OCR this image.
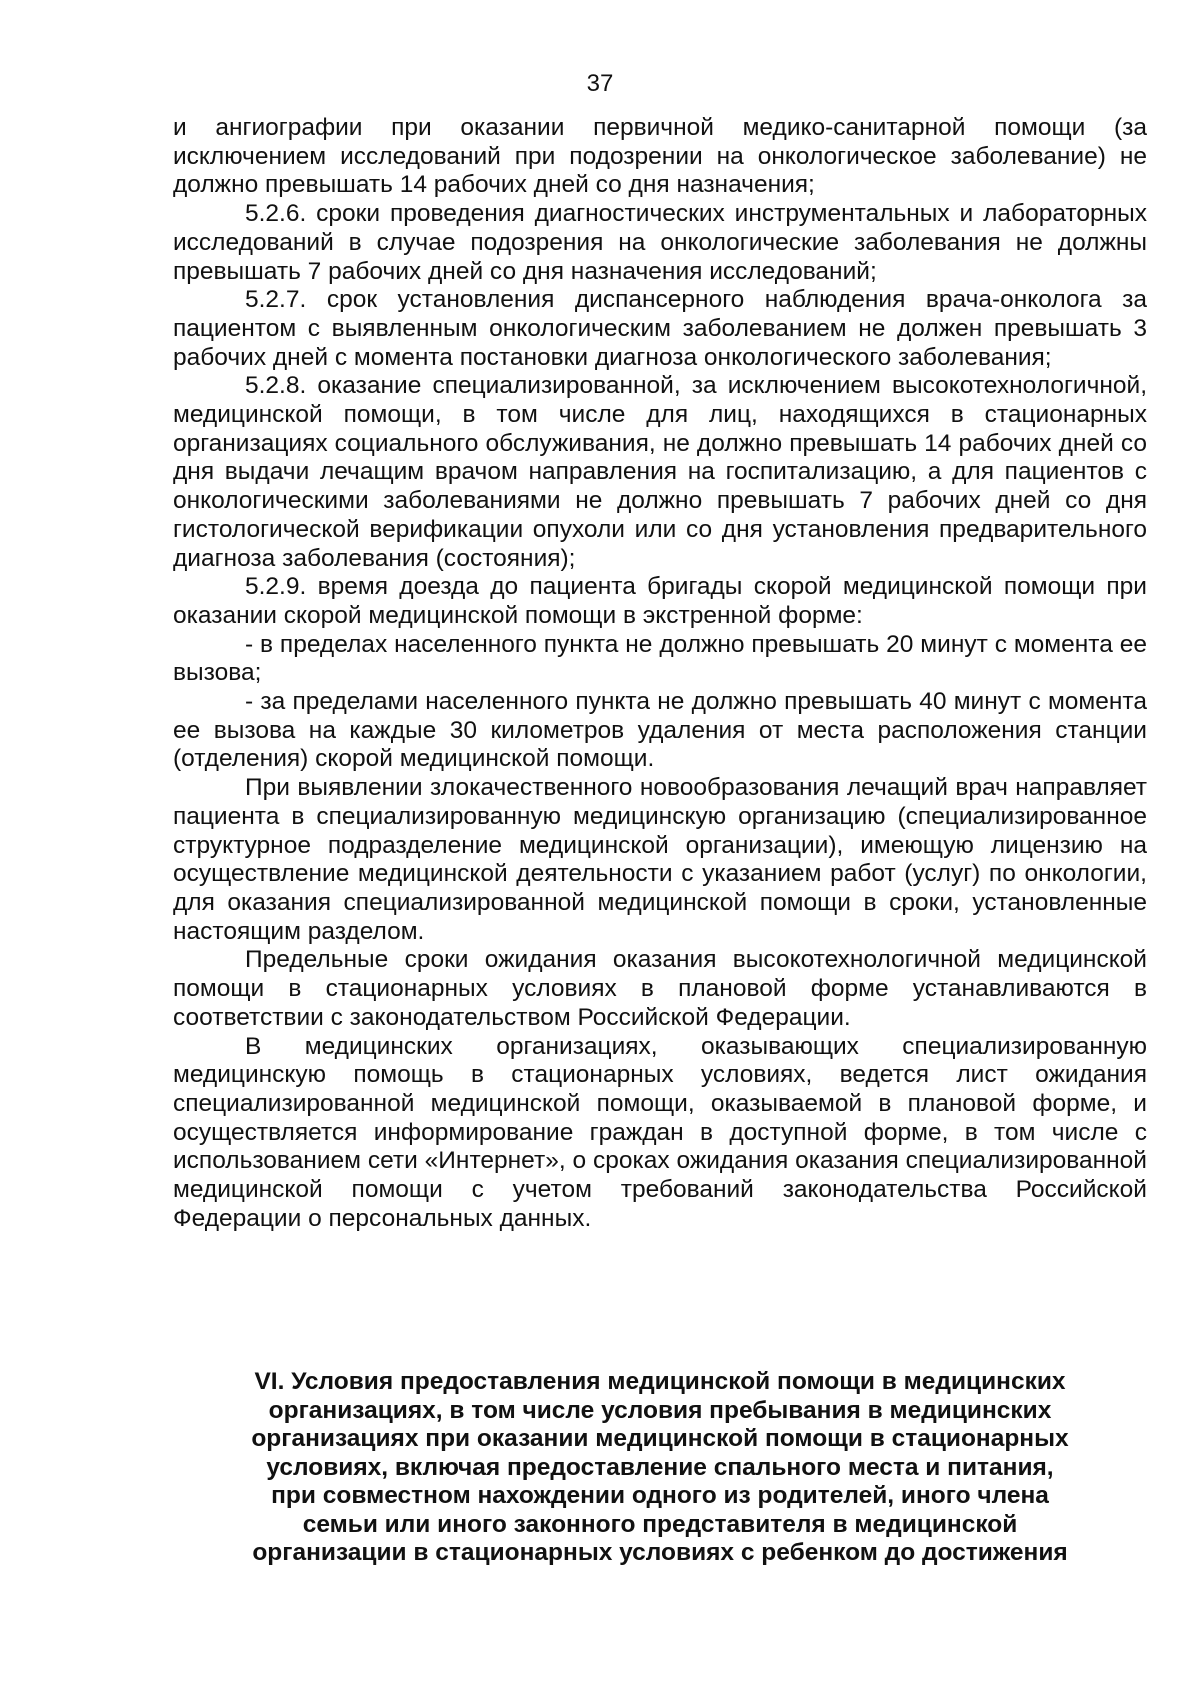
37

и ангиографии при оказании первичной медико-санитарной помощи (за исключением исследований при подозрении на онкологическое заболевание) не должно превышать 14 рабочих дней со дня назначения;

5.2.6. сроки проведения диагностических инструментальных и лабораторных исследований в случае подозрения на онкологические заболевания не должны превышать 7 рабочих дней со дня назначения исследований;

5.2.7. срок установления диспансерного наблюдения врача-онколога за пациентом с выявленным онкологическим заболеванием не должен превышать 3 рабочих дней с момента постановки диагноза онкологического заболевания;

5.2.8. оказание специализированной, за исключением высокотехнологичной, медицинской помощи, в том числе для лиц, находящихся в стационарных организациях социального обслуживания, не должно превышать 14 рабочих дней со дня выдачи лечащим врачом направления на госпитализацию, а для пациентов с онкологическими заболеваниями не должно превышать 7 рабочих дней со дня гистологической верификации опухоли или со дня установления предварительного диагноза заболевания (состояния);

5.2.9. время доезда до пациента бригады скорой медицинской помощи при оказании скорой медицинской помощи в экстренной форме:

- в пределах населенного пункта не должно превышать 20 минут с момента ее вызова;

- за пределами населенного пункта не должно превышать 40 минут с момента ее вызова на каждые 30 километров удаления от места расположения станции (отделения) скорой медицинской помощи.

При выявлении злокачественного новообразования лечащий врач направляет пациента в специализированную медицинскую организацию (специализированное структурное подразделение медицинской организации), имеющую лицензию на осуществление медицинской деятельности с указанием работ (услуг) по онкологии, для оказания специализированной медицинской помощи в сроки, установленные настоящим разделом.

Предельные сроки ожидания оказания высокотехнологичной медицинской помощи в стационарных условиях в плановой форме устанавливаются в соответствии с законодательством Российской Федерации.

В медицинских организациях, оказывающих специализированную медицинскую помощь в стационарных условиях, ведется лист ожидания специализированной медицинской помощи, оказываемой в плановой форме, и осуществляется информирование граждан в доступной форме, в том числе с использованием сети «Интернет», о сроках ожидания оказания специализированной медицинской помощи с учетом требований законодательства Российской Федерации о персональных данных.

VI. Условия предоставления медицинской помощи в медицинских
организациях, в том числе условия пребывания в медицинских
организациях при оказании медицинской помощи в стационарных
условиях, включая предоставление спального места и питания,
при совместном нахождении одного из родителей, иного члена
семьи или иного законного представителя в медицинской
организации в стационарных условиях с ребенком до достижения
